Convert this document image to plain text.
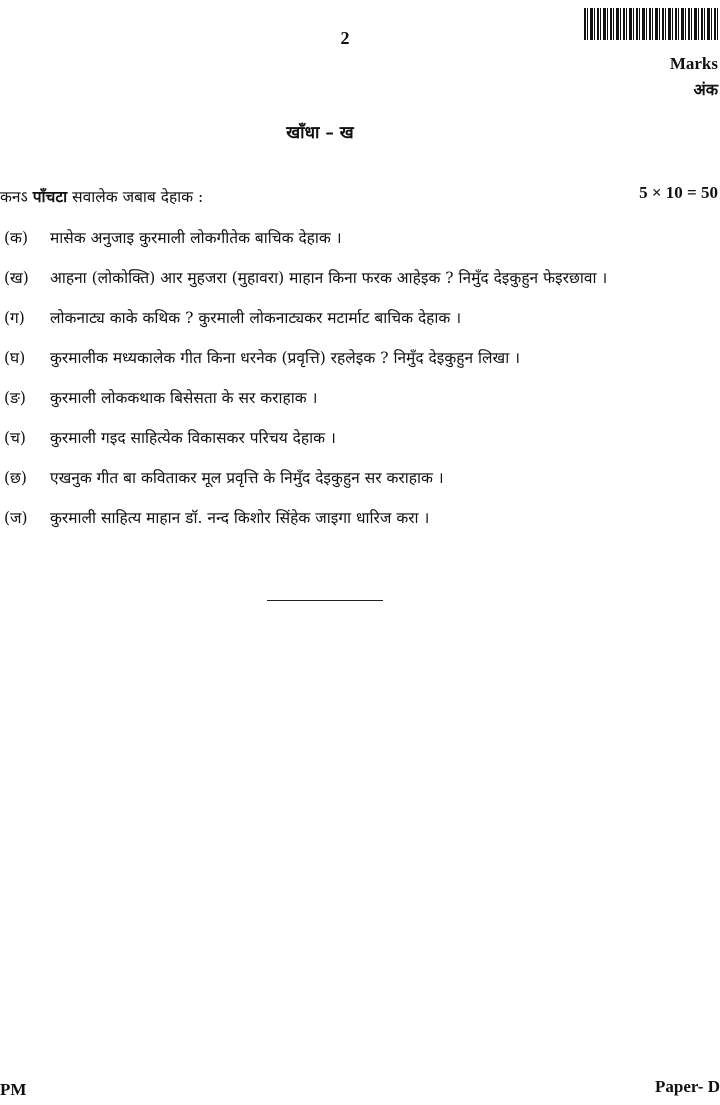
2
Marks
अंक
खाँधा – ख
कनऽ पाँचटा सवालेक जबाब देहाक :	5 × 10 = 50
(क)	मासेक अनुजाइ कुरमाली लोकगीतेक बाचिक देहाक ।
(ख)	आहना (लोकोक्ति) आर मुहजरा (मुहावरा) माहान किना फरक आहेइक ? निमुँद देइकुहुन फेइरछावा ।
(ग)	लोकनाट्य काके कथिक ? कुरमाली लोकनाट्यकर मटार्माट बाचिक देहाक ।
(घ)	कुरमालीक मध्यकालेक गीत किना धरनेक (प्रवृत्ति) रहलेइक ? निमुँद देइकुहुन लिखा ।
(ङ)	कुरमाली लोककथाक बिसेसता के सर कराहाक ।
(च)	कुरमाली गइद साहित्येक विकासकर परिचय देहाक ।
(छ)	एखनुक गीत बा कविताकर मूल प्रवृत्ति के निमुँद देइकुहुन सर कराहाक ।
(ज)	कुरमाली साहित्य माहान डॉ. नन्द किशोर सिंहेक जाइगा धारिज करा ।
PM	Paper- D
